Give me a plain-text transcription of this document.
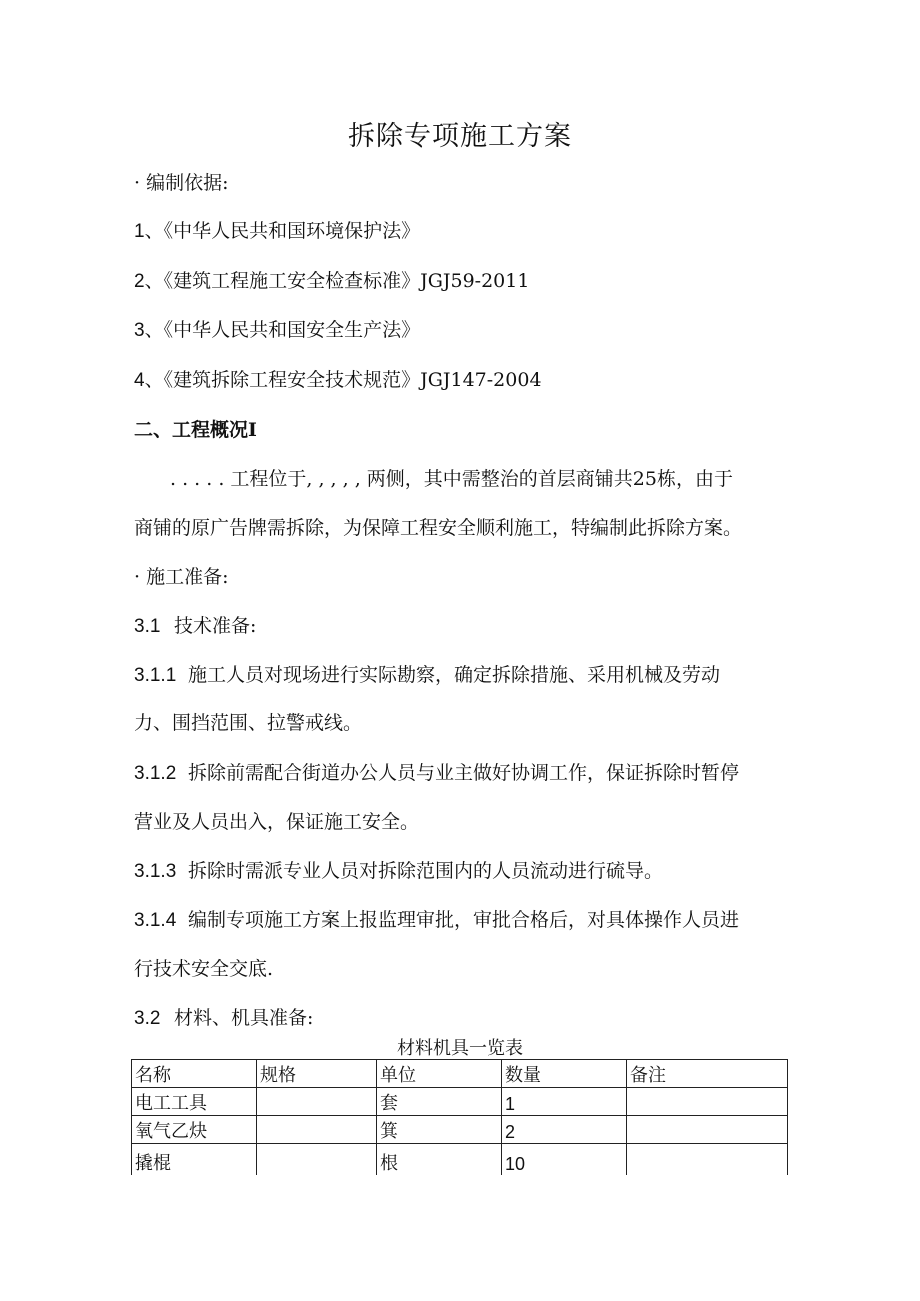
拆除专项施工方案
· 编制依据:
1、《中华人民共和国环境保护法》
2、《建筑工程施工安全检查标准》JGJ59-2011
3、《中华人民共和国安全生产法》
4、《建筑拆除工程安全技术规范》JGJ147-2004
二、工程概况I
. . . . . 工程位于, , , , , 两侧，其中需整治的首层商铺共25栋，由于
商铺的原广告牌需拆除，为保障工程安全顺利施工，特编制此拆除方案。
· 施工准备:
3.1 技术准备:
3.1.1 施工人员对现场进行实际勘察，确定拆除措施、采用机械及劳动
力、围挡范围、拉警戒线。
3.1.2 拆除前需配合街道办公人员与业主做好协调工作，保证拆除时暂停
营业及人员出入，保证施工安全。
3.1.3 拆除时需派专业人员对拆除范围内的人员流动进行硫导。
3.1.4 编制专项施工方案上报监理审批，审批合格后，对具体操作人员进
行技术安全交底.
3.2 材料、机具准备:
材料机具一览表
名称	规格	单位	数量	备注
电工工具		套	1	
氧气乙炔		箕	2	
撬棍		根	10	
